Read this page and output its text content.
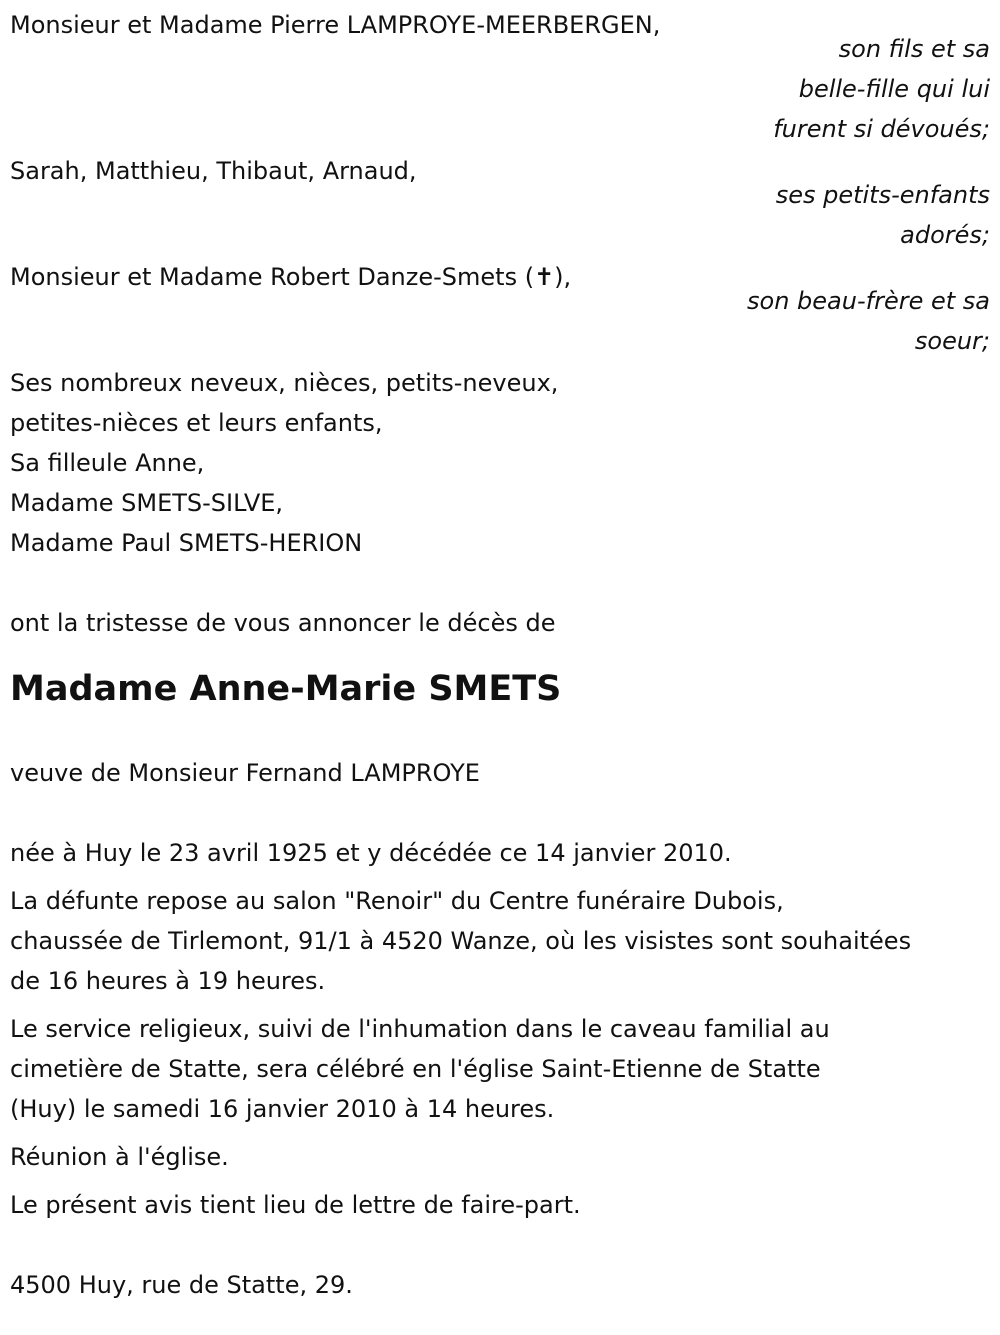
Monsieur et Madame Pierre LAMPROYE-MEERBERGEN,
son fils et sa
belle-fille qui lui
furent si dévoués;
Sarah, Matthieu, Thibaut, Arnaud,
ses petits-enfants
adorés;
Monsieur et Madame Robert Danze-Smets (✝),
son beau-frère et sa
soeur;
Ses nombreux neveux, nièces, petits-neveux,
petites-nièces et leurs enfants,
Sa filleule Anne,
Madame SMETS-SILVE,
Madame Paul SMETS-HERION
ont la tristesse de vous annoncer le décès de
Madame Anne-Marie SMETS
veuve de Monsieur Fernand LAMPROYE
née à Huy le 23 avril 1925 et y décédée ce 14 janvier 2010.
La défunte repose au salon "Renoir" du Centre funéraire Dubois,
chaussée de Tirlemont, 91/1 à 4520 Wanze, où les visistes sont souhaitées
de 16 heures à 19 heures.
Le service religieux, suivi de l'inhumation dans le caveau familial au
cimetière de Statte, sera célébré en l'église Saint-Etienne de Statte
(Huy) le samedi 16 janvier 2010 à 14 heures.
Réunion à l'église.
Le présent avis tient lieu de lettre de faire-part.
4500 Huy, rue de Statte, 29.
